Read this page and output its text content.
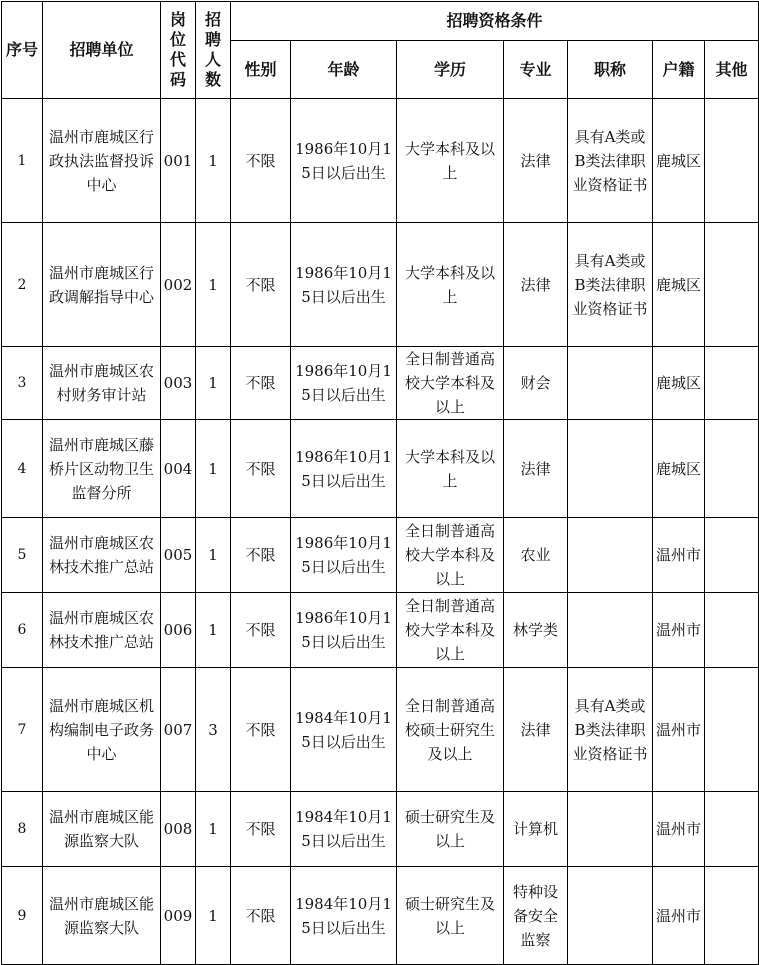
序号	招聘单位	岗位代码	招聘人数	招聘资格条件						
				性别	年龄	学历	专业	职称	户籍	其他
1	温州市鹿城区行政执法监督投诉中心	001	1	不限	1986年10月15日以后出生	大学本科及以上	法律	具有A类或B类法律职业资格证书	鹿城区	
2	温州市鹿城区行政调解指导中心	002	1	不限	1986年10月15日以后出生	大学本科及以上	法律	具有A类或B类法律职业资格证书	鹿城区	
3	温州市鹿城区农村财务审计站	003	1	不限	1986年10月15日以后出生	全日制普通高校大学本科及以上	财会		鹿城区	
4	温州市鹿城区藤桥片区动物卫生监督分所	004	1	不限	1986年10月15日以后出生	大学本科及以上	法律		鹿城区	
5	温州市鹿城区农林技术推广总站	005	1	不限	1986年10月15日以后出生	全日制普通高校大学本科及以上	农业		温州市	
6	温州市鹿城区农林技术推广总站	006	1	不限	1986年10月15日以后出生	全日制普通高校大学本科及以上	林学类		温州市	
7	温州市鹿城区机构编制电子政务中心	007	3	不限	1984年10月15日以后出生	全日制普通高校硕士研究生及以上	法律	具有A类或B类法律职业资格证书	温州市	
8	温州市鹿城区能源监察大队	008	1	不限	1984年10月15日以后出生	硕士研究生及以上	计算机		温州市	
9	温州市鹿城区能源监察大队	009	1	不限	1984年10月15日以后出生	硕士研究生及以上	特种设备安全监察		温州市	
